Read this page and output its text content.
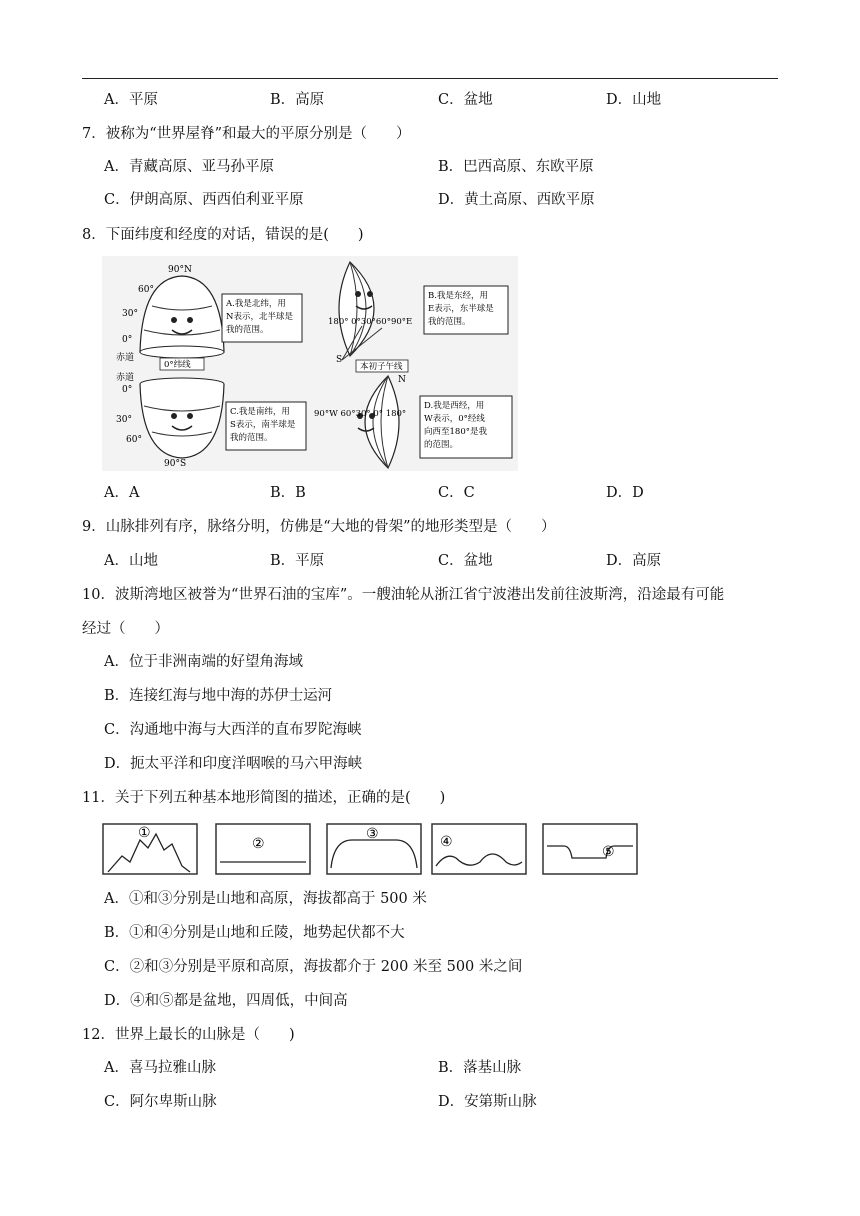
A．平原	B．高原	C．盆地	D．山地
7．被称为“世界屋脊”和最大的平原分别是（　　）
A．青藏高原、亚马孙平原	B．巴西高原、东欧平原
C．伊朗高原、西西伯利亚平原	D．黄土高原、西欧平原
8．下面纬度和经度的对话，错误的是(　　)
90°N
60°
30°
0°
赤道
A.我是北纬，用
N表示，北半球是
我的范围。
0°纬线
赤道
0°
30°
60°
90°S
C.我是南纬，用
S表示，南半球是
我的范围。
180° 0°30°60°90°E
S
B.我是东经，用
E表示，东半球是
我的范围。
本初子午线
N
90°W 60°30° 0° 180°
D.我是西经，用
W表示，0°经线
向西至180°是我
的范围。
A．A	B．B	C．C	D．D
9．山脉排列有序，脉络分明，仿佛是“大地的骨架”的地形类型是（　　）
A．山地	B．平原	C．盆地	D．高原
10．波斯湾地区被誉为“世界石油的宝库”。一艘油轮从浙江省宁波港出发前往波斯湾，沿途最有可能
经过（　　）
A．位于非洲南端的好望角海域
B．连接红海与地中海的苏伊士运河
C．沟通地中海与大西洋的直布罗陀海峡
D．扼太平洋和印度洋咽喉的马六甲海峡
11．关于下列五种基本地形简图的描述，正确的是(　　)
①
②
③	④
⑤
A．①和③分别是山地和高原，海拔都高于 500 米
B．①和④分别是山地和丘陵，地势起伏都不大
C．②和③分别是平原和高原，海拔都介于 200 米至 500 米之间
D．④和⑤都是盆地，四周低，中间高
12．世界上最长的山脉是（　　)
A．喜马拉雅山脉	B．落基山脉
C．阿尔卑斯山脉	D．安第斯山脉
